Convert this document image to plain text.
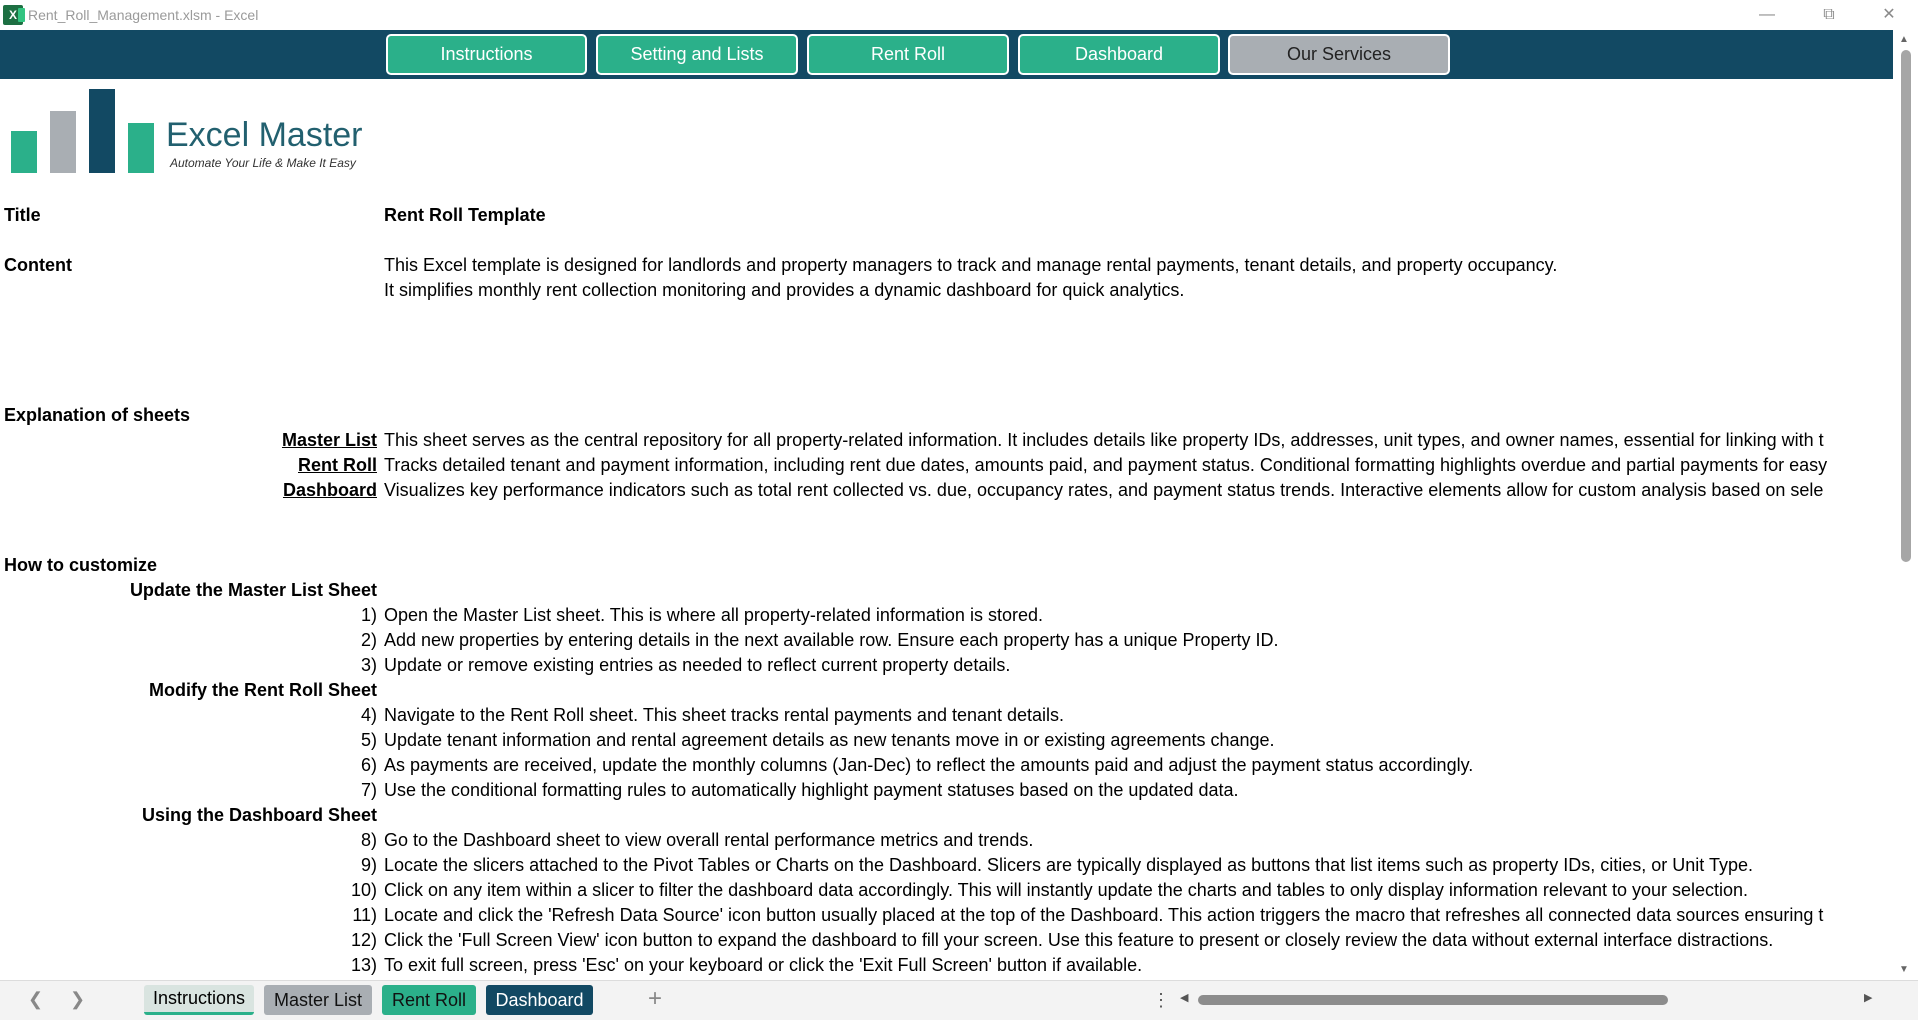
X Rent_Roll_Management.xlsm - Excel	—	⧉	✕
Instructions	Setting and Lists	Rent Roll	Dashboard	Our Services
▲
▼
Excel Master
Automate Your Life & Make It Easy
Title	Rent Roll Template
Content	This Excel template is designed for landlords and property managers to track and manage rental payments, tenant details, and property occupancy.
It simplifies monthly rent collection monitoring and provides a dynamic dashboard for quick analytics.
Explanation of sheets
Master List This sheet serves as the central repository for all property-related information. It includes details like property IDs, addresses, unit types, and owner names, essential for linking with t
Rent Roll Tracks detailed tenant and payment information, including rent due dates, amounts paid, and payment status. Conditional formatting highlights overdue and partial payments for easy
Dashboard Visualizes key performance indicators such as total rent collected vs. due, occupancy rates, and payment status trends. Interactive elements allow for custom analysis based on sele
How to customize
Update the Master List Sheet
1) Open the Master List sheet. This is where all property-related information is stored.
2) Add new properties by entering details in the next available row. Ensure each property has a unique Property ID.
3) Update or remove existing entries as needed to reflect current property details.
Modify the Rent Roll Sheet
4) Navigate to the Rent Roll sheet. This sheet tracks rental payments and tenant details.
5) Update tenant information and rental agreement details as new tenants move in or existing agreements change.
6) As payments are received, update the monthly columns (Jan-Dec) to reflect the amounts paid and adjust the payment status accordingly.
7) Use the conditional formatting rules to automatically highlight payment statuses based on the updated data.
Using the Dashboard Sheet
8) Go to the Dashboard sheet to view overall rental performance metrics and trends.
9) Locate the slicers attached to the Pivot Tables or Charts on the Dashboard. Slicers are typically displayed as buttons that list items such as property IDs, cities, or Unit Type.
10) Click on any item within a slicer to filter the dashboard data accordingly. This will instantly update the charts and tables to only display information relevant to your selection.
11) Locate and click the 'Refresh Data Source' icon button usually placed at the top of the Dashboard. This action triggers the macro that refreshes all connected data sources ensuring t
12) Click the 'Full Screen View' icon button to expand the dashboard to fill your screen. Use this feature to present or closely review the data without external interface distractions.
13) To exit full screen, press 'Esc' on your keyboard or click the 'Exit Full Screen' button if available.
❮ ❯	Instructions	Master List	Rent Roll	Dashboard	+	⋮ ◀	▶
